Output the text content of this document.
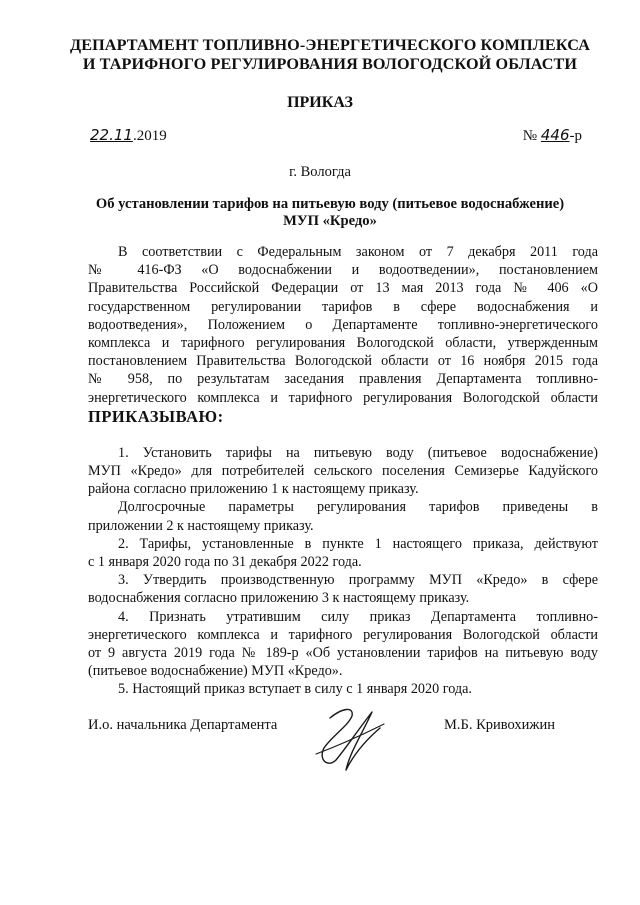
ДЕПАРТАМЕНТ ТОПЛИВНО-ЭНЕРГЕТИЧЕСКОГО КОМПЛЕКСА
И ТАРИФНОГО РЕГУЛИРОВАНИЯ ВОЛОГОДСКОЙ ОБЛАСТИ
ПРИКАЗ
22.11.2019	№ 446-р
г. Вологда
Об установлении тарифов на питьевую воду (питьевое водоснабжение)
МУП «Кредо»
В соответствии с Федеральным законом от 7 декабря 2011 года
№ 416-ФЗ «О водоснабжении и водоотведении», постановлением
Правительства Российской Федерации от 13 мая 2013 года № 406 «О
государственном регулировании тарифов в сфере водоснабжения и
водоотведения», Положением о Департаменте топливно-энергетического
комплекса и тарифного регулирования Вологодской области, утвержденным
постановлением Правительства Вологодской области от 16 ноября 2015 года
№ 958, по результатам заседания правления Департамента топливно-
энергетического комплекса и тарифного регулирования Вологодской области
ПРИКАЗЫВАЮ:
1. Установить тарифы на питьевую воду (питьевое водоснабжение)
МУП «Кредо» для потребителей сельского поселения Семизерье Кадуйского
района согласно приложению 1 к настоящему приказу.
Долгосрочные параметры регулирования тарифов приведены в
приложении 2 к настоящему приказу.
2. Тарифы, установленные в пункте 1 настоящего приказа, действуют
с 1 января 2020 года по 31 декабря 2022 года.
3. Утвердить производственную программу МУП «Кредо» в сфере
водоснабжения согласно приложению 3 к настоящему приказу.
4. Признать утратившим силу приказ Департамента топливно-
энергетического комплекса и тарифного регулирования Вологодской области
от 9 августа 2019 года № 189-р «Об установлении тарифов на питьевую воду
(питьевое водоснабжение) МУП «Кредо».
5. Настоящий приказ вступает в силу с 1 января 2020 года.
И.о. начальника Департамента	М.Б. Кривохижин
